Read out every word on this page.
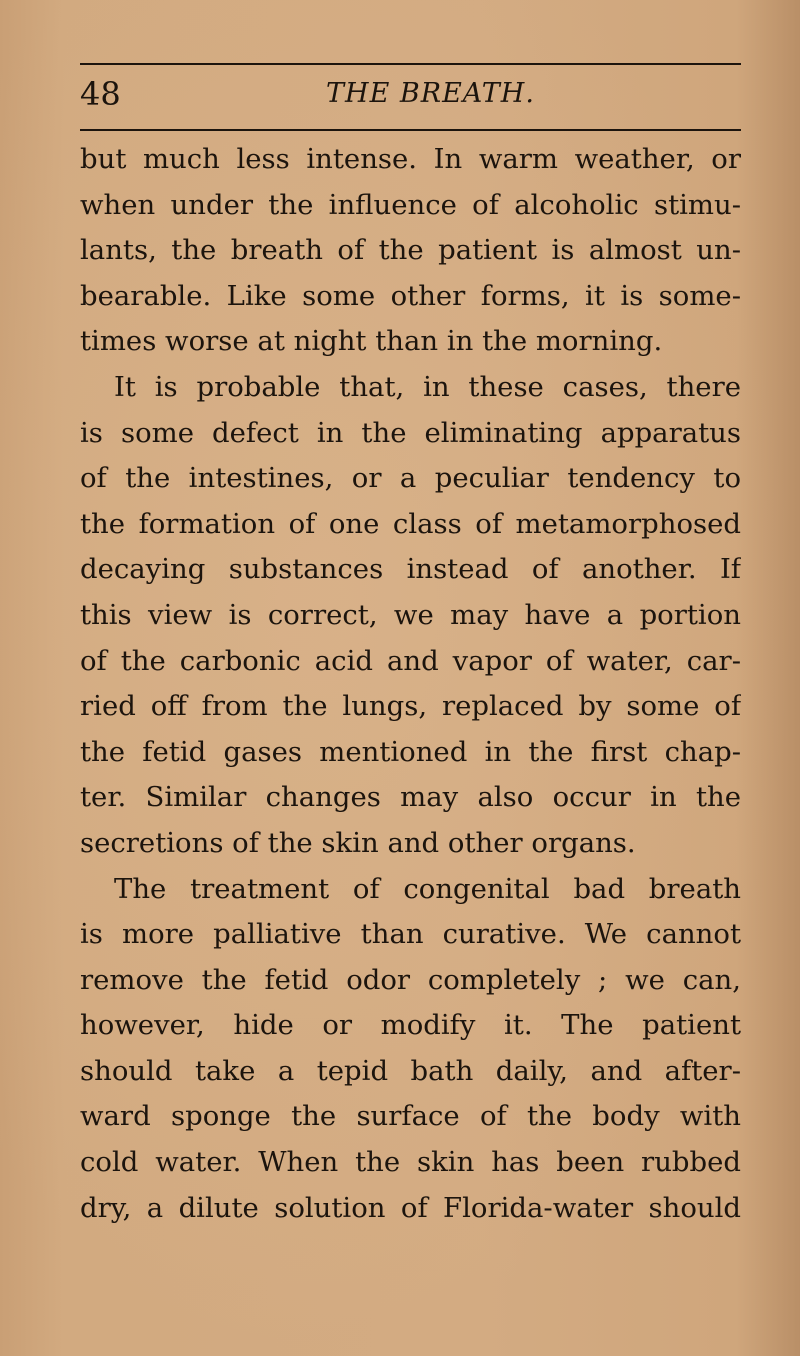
48	THE BREATH.
but much less intense. In warm weather, or
when under the influence of alcoholic stimu-
lants, the breath of the patient is almost un-
bearable. Like some other forms, it is some-
times worse at night than in the morning.
It is probable that, in these cases, there
is some defect in the eliminating apparatus
of the intestines, or a peculiar tendency to
the formation of one class of metamorphosed
decaying substances instead of another. If
this view is correct, we may have a portion
of the carbonic acid and vapor of water, car-
ried off from the lungs, replaced by some of
the fetid gases mentioned in the first chap-
ter. Similar changes may also occur in the
secretions of the skin and other organs.
The treatment of congenital bad breath
is more palliative than curative. We cannot
remove the fetid odor completely ; we can,
however, hide or modify it. The patient
should take a tepid bath daily, and after-
ward sponge the surface of the body with
cold water. When the skin has been rubbed
dry, a dilute solution of Florida-water should
